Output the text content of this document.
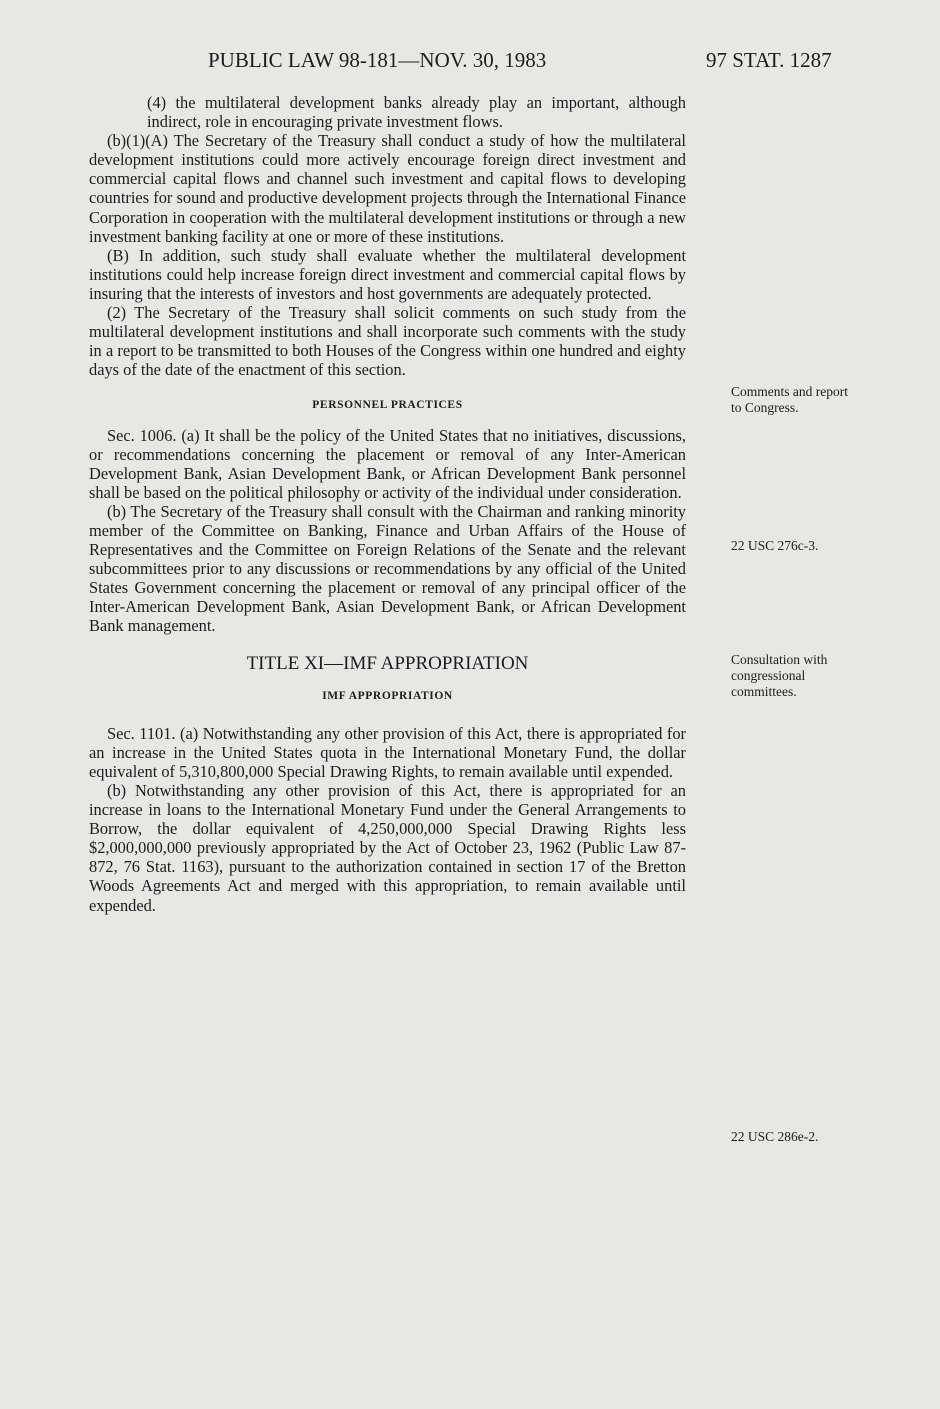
PUBLIC LAW 98-181—NOV. 30, 1983	97 STAT. 1287

(4) the multilateral development banks already play an important, although indirect, role in encouraging private investment flows.

(b)(1)(A) The Secretary of the Treasury shall conduct a study of how the multilateral development institutions could more actively encourage foreign direct investment and commercial capital flows and channel such investment and capital flows to developing countries for sound and productive development projects through the International Finance Corporation in cooperation with the multilateral development institutions or through a new investment banking facility at one or more of these institutions.

(B) In addition, such study shall evaluate whether the multilateral development institutions could help increase foreign direct investment and commercial capital flows by insuring that the interests of investors and host governments are adequately protected.

(2) The Secretary of the Treasury shall solicit comments on such study from the multilateral development institutions and shall incorporate such comments with the study in a report to be transmitted to both Houses of the Congress within one hundred and eighty days of the date of the enactment of this section.

PERSONNEL PRACTICES

Sec. 1006. (a) It shall be the policy of the United States that no initiatives, discussions, or recommendations concerning the placement or removal of any Inter-American Development Bank, Asian Development Bank, or African Development Bank personnel shall be based on the political philosophy or activity of the individual under consideration.

(b) The Secretary of the Treasury shall consult with the Chairman and ranking minority member of the Committee on Banking, Finance and Urban Affairs of the House of Representatives and the Committee on Foreign Relations of the Senate and the relevant subcommittees prior to any discussions or recommendations by any official of the United States Government concerning the placement or removal of any principal officer of the Inter-American Development Bank, Asian Development Bank, or African Development Bank management.

TITLE XI—IMF APPROPRIATION

IMF APPROPRIATION

Sec. 1101. (a) Notwithstanding any other provision of this Act, there is appropriated for an increase in the United States quota in the International Monetary Fund, the dollar equivalent of 5,310,800,000 Special Drawing Rights, to remain available until expended.

(b) Notwithstanding any other provision of this Act, there is appropriated for an increase in loans to the International Monetary Fund under the General Arrangements to Borrow, the dollar equivalent of 4,250,000,000 Special Drawing Rights less $2,000,000,000 previously appropriated by the Act of October 23, 1962 (Public Law 87-872, 76 Stat. 1163), pursuant to the authorization contained in section 17 of the Bretton Woods Agreements Act and merged with this appropriation, to remain available until expended.

Comments and report to Congress.
22 USC 276c-3.
Consultation with congressional committees.
22 USC 286e-2.
